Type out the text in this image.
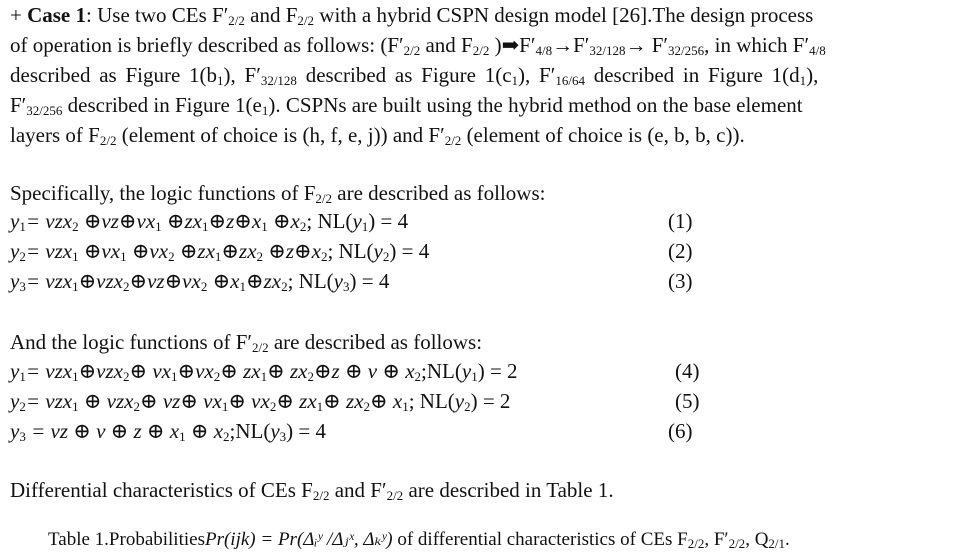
+ Case 1: Use two CEs $F'_{2/2}$ and $F_{2/2}$ with a hybrid CSPN design model [26].The design process
of operation is briefly described as follows: ($F'_{2/2}$ and $F_{2/2}$ )$➡F'_{4/8}\to F'_{32/128}\to F'_{32/256}$, in which $F'_{4/8}$
described as Figure $1(b_1)$, $F'_{32/128}$ described as Figure $1(c_1)$, $F'_{16/64}$ described in Figure $1(d_1)$,
$F'_{32/256}$ described in Figure $1(e_1)$. CSPNs are built using the hybrid method on the base element
layers of $F_{2/2}$ (element of choice is (h, f, e, j)) and $F'_{2/2}$ (element of choice is (e, b, b, c)).
Specifically, the logic functions of $F_{2/2}$ are described as follows:
$y_1= vzx_2$ $\oplus vz\oplus vx_1$ $\oplus zx_1\oplus z\oplus x_1$ $\oplus x_2$; $NL(y_1) = 4$	(1)
$y_2= vzx_1$ $\oplus vx_1$ $\oplus vx_2$ $\oplus zx_1\oplus zx_2$ $\oplus z\oplus x_2$; $NL(y_2) = 4$	(2)
$y_3=$ $vzx_1\oplus vzx_2\oplus vz\oplus vx_2$ $\oplus x_1\oplus zx_2$; $NL(y_3) = 4$	(3)
And the logic functions of $F'_{2/2}$ are described as follows:
$y_1=$ vzx$_1$⊕vzx$_2$⊕ $vx_1\oplus vx_2\oplus$ $zx_1\oplus$ $zx_2\oplus z$ ⊕ v ⊕ $x_2;NL(y_1) = 2$	(4)
$y_2= vzx_1$ ⊕ vzx$_2$⊕ vz⊕ $vx_1\oplus$ $vx_2\oplus$ $zx_1\oplus$ $zx_2\oplus$ $x_1$; $NL(y_2) = 2$	(5)
$y_3$ = vz ⊕ v ⊕ z ⊕ $x_1$ ⊕ $x_2;NL(y_3) = 4$	(6)
Differential characteristics of CEs $F_{2/2}$ and $F'_{2/2}$ are described in Table 1.
Table 1.ProbabilitiesPr(ijk) = Pr(Δᵢʸ /Δⱼˣ, Δₖʸ) of differential characteristics of CEs $F_{2/2}$, $F'_{2/2}$, $Q_{2/1}$.
